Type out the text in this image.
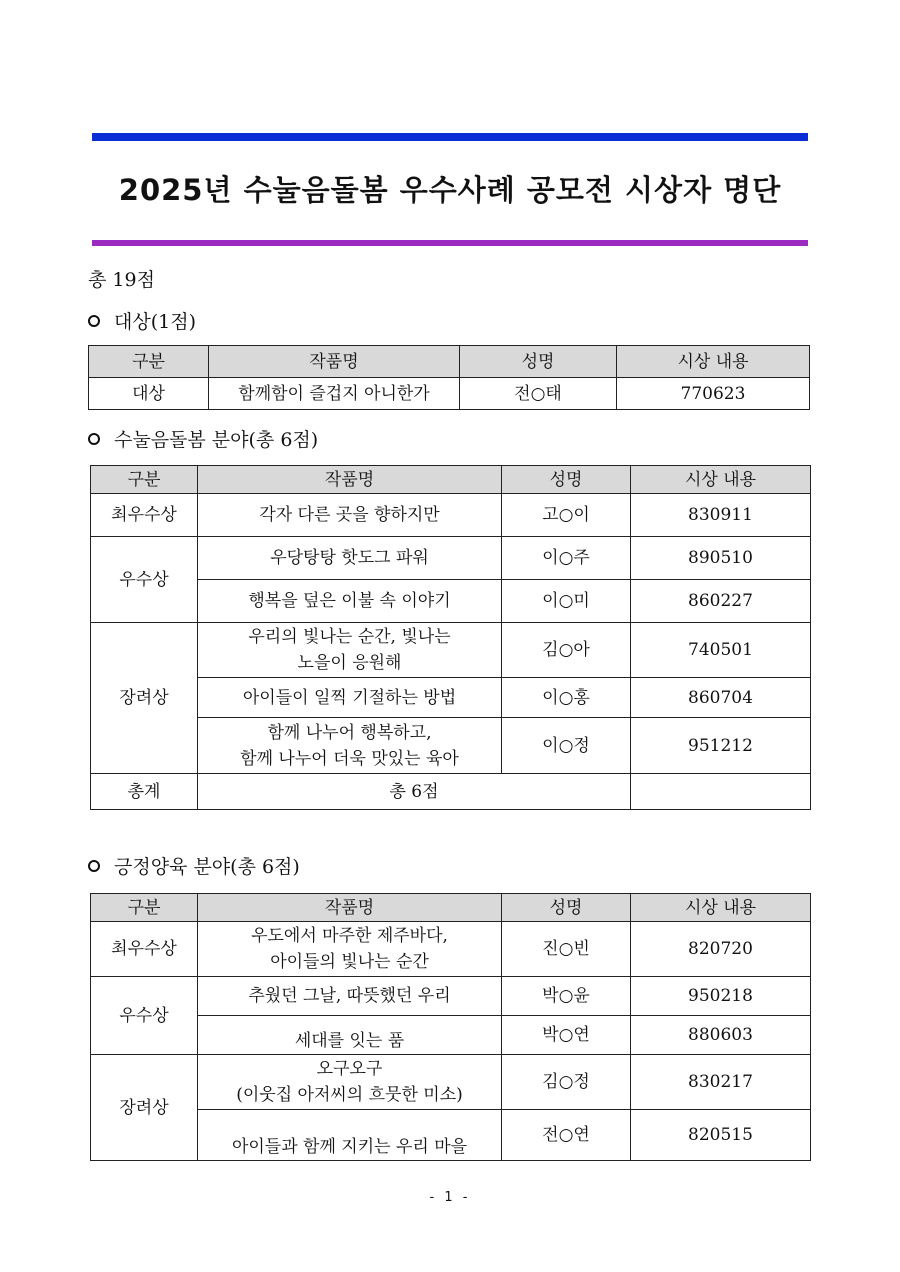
2025년 수눌음돌봄 우수사례 공모전 시상자 명단
총 19점
대상(1점)
구분	작품명	성명	시상 내용
대상	함께함이 즐겁지 아니한가	전○태	770623
수눌음돌봄 분야(총 6점)
구분	작품명	성명	시상 내용
최우수상	각자 다른 곳을 향하지만	고○이	830911
우수상	우당탕탕 핫도그 파워	이○주	890510
	행복을 덮은 이불 속 이야기	이○미	860227
장려상	우리의 빛나는 순간, 빛나는
노을이 응원해	김○아	740501
	아이들이 일찍 기절하는 방법	이○홍	860704

	함께 나누어 행복하고,
함께 나누어 더욱 맛있는 육아	이○정	951212
총계	총 6점		
긍정양육 분야(총 6점)
구분	작품명	성명	시상 내용
최우수상	우도에서 마주한 제주바다,
아이들의 빛나는 순간	진○빈	820720
우수상	추웠던 그날, 따뜻했던 우리	박○윤	950218
	세대를 잇는 품	박○연	880603
장려상	오구오구
(이웃집 아저씨의 흐뭇한 미소)	김○정	830217
	아이들과 함께 지키는 우리 마을	전○연	820515
- 1 -
